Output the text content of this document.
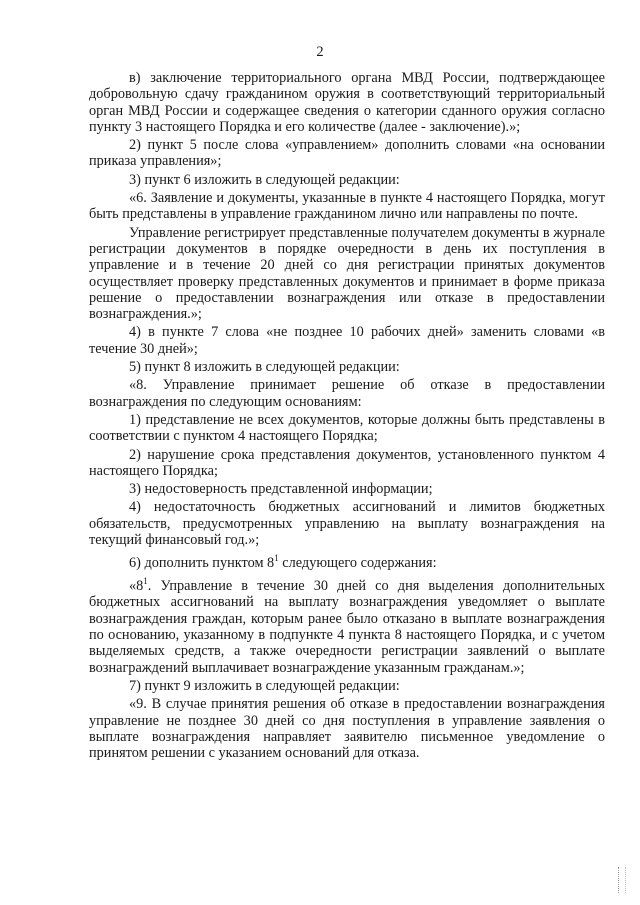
2

в) заключение территориального органа МВД России, подтверждающее добровольную сдачу гражданином оружия в соответствующий территориальный орган МВД России и содержащее сведения о категории сданного оружия согласно пункту 3 настоящего Порядка и его количестве (далее - заключение).»;

2) пункт 5 после слова «управлением» дополнить словами «на основании приказа управления»;

3) пункт 6 изложить в следующей редакции:

«6. Заявление и документы, указанные в пункте 4 настоящего Порядка, могут быть представлены в управление гражданином лично или направлены по почте.

Управление регистрирует представленные получателем документы в журнале регистрации документов в порядке очередности в день их поступления в управление и в течение 20 дней со дня регистрации принятых документов осуществляет проверку представленных документов и принимает в форме приказа решение о предоставлении вознаграждения или отказе в предоставлении вознаграждения.»;

4) в пункте 7 слова «не позднее 10 рабочих дней» заменить словами «в течение 30 дней»;

5) пункт 8 изложить в следующей редакции:

«8. Управление принимает решение об отказе в предоставлении вознаграждения по следующим основаниям:

1) представление не всех документов, которые должны быть представлены в соответствии с пунктом 4 настоящего Порядка;

2) нарушение срока представления документов, установленного пунктом 4 настоящего Порядка;

3) недостоверность представленной информации;

4) недостаточность бюджетных ассигнований и лимитов бюджетных обязательств, предусмотренных управлению на выплату вознаграждения на текущий финансовый год.»;

6) дополнить пунктом $8^1$ следующего содержания:

«$8^1$. Управление в течение 30 дней со дня выделения дополнительных бюджетных ассигнований на выплату вознаграждения уведомляет о выплате вознаграждения граждан, которым ранее было отказано в выплате вознаграждения по основанию, указанному в подпункте 4 пункта 8 настоящего Порядка, и с учетом выделяемых средств, а также очередности регистрации заявлений о выплате вознаграждений выплачивает вознаграждение указанным гражданам.»;

7) пункт 9 изложить в следующей редакции:

«9. В случае принятия решения об отказе в предоставлении вознаграждения управление не позднее 30 дней со дня поступления в управление заявления о выплате вознаграждения направляет заявителю письменное уведомление о принятом решении с указанием оснований для отказа.
